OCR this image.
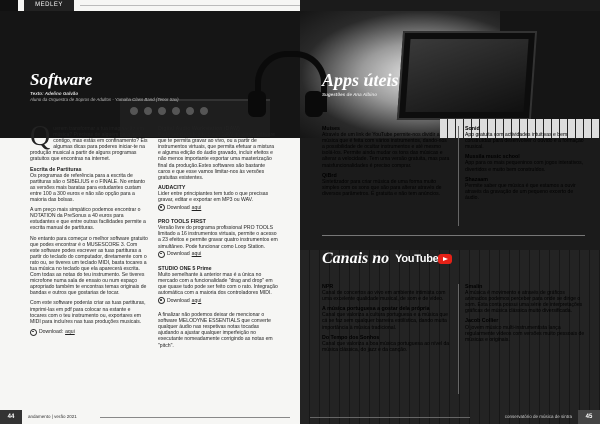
MEDLEY
Software
Texto: Adelino Galvão
Aluno da Orquestra de Sopros de Adultos - Yamaha Class Band (Tenor Sax)

Querem transformar a tua imaginação em música? Precisas de alguém para tocar contigo, mas estás em confinamento? Eis algumas dicas para poderes iniciar-te na produção musical a partir de alguns programas gratuitos que encontras na internet.

Escrita de Partituras

Os programas de referência para a escrita de partituras são o SIBELIUS e o FINALE. No entanto as versões mais baratas para estudantes custam entre 100 a 300 euros e não são opção para a maioria das bolsas.

A um preço mais simpático podemos encontrar o NOTATION da PreSonus a 40 euros para estudantes e que entre outras facilidades permite a escrita manual de partituras.

No entanto para começar o melhor software gratuito que podes encontrar é o MUSESCORE 3. Com este software podes escrever as tuas partituras a partir do teclado do computador, diretamente com o rato ou, se tiveres um teclado MIDI, basta tocares a tua música no teclado que ela aparecerá escrita. Com todas as notas do teu instrumento. Se tiveres microfone numa sala de ensaio ou num espaço apropriado também te encontras temas originais de bandas e outros que gostarias de tocar.

Com este software poderás criar as tuas partituras, imprimi-las em pdf para colocar na estante e tocares com o teu instrumento ou, exportares em MIDI para incluíres nas tuas produções musicais.

Download: aqui
Digital Audio Workstation (DAW)

Pode ser classificado como DAW qualquer software que te permita gravar ao vivo, ou a partir de instrumentos virtuais, que permita efetuar a mistura e alguma edição do áudio gravado, incluir efeitos e não menos importante exportar uma masterização final da produção.Estes softwares são bastante caros e que esse vamos limitar-nos às versões gratuitas existentes.

AUDACITY

Lider entre principiantes tem tudo o que precisas gravar, editar e exportar em MP3 ou WAV.

Download aqui
PRO TOOLS FIRST

Versão livre do programa profissional PRO TOOLS limitado a 16 instrumentos virtuais, permite o acesso a 23 efeitos e permite gravar quatro instrumentos em simultâneo. Pode funcionar como Loop Station.

Download aqui
STUDIO ONE 5 Prime

Muito semelhante à anterior mas é a única no mercado com a funcionalidade "drag and drop" em que quase tudo pode ser feito com o rato. Integração automática com a maioria dos controladores MIDI.

Download aqui

A finalizar não podemos deixar de mencionar o software MELODYNE ESSENTIALS que converte qualquer áudio nas respetivas notas tocadas ajudando a ajustar qualquer imperfeição no executante nomeadamente corrigindo as notas em "pitch".

Apps úteis
Sugestões de Ana Albino
Muises

Através de um link de YouTube permite-nos dividir a música que é feita com vários instrumentos, dando-nos a possibilidade de ocultar instrumentos e até mesmo isolá-los. Permite ainda mudar os tons das músicas e alterar a velocidade. Tem uma versão gratuita, mas para maisfuncionalidades é preciso comprar.

QiBrd

Sintetizador para criar música de uma forma muito simples com os sons que são para alterar através de diversos parâmetros. É gratuita e não tem anúncios.

Sonid

App gratuita com actividades intuitivas e bem construídas para desenvolver o ouvido e a formação musical.

Mussila music school

App para os mais pequeninos com jogos interativos, divertidos e muito bem construídos.

Shazaam

Permite saber que música é que estamos a ouvir através da gravação de um pequeno excerto de áudio.

Canais no YouTube
NPR

Canal de concertos ao vivo em ambiente intimista com uma excelente qualidade musical, de som e de vídeo.

A música portuguesa a gostar dela própria

Canal que valoriza a cultura portuguesa e a música que cá se faz sem qualquer barreira estilística, dando muita importância à música tradicional.

Do Tempo dos Sonhos

Canal que valoriza a boa música portuguesa ao nível da música clássica, do jazz e da canção.

Smalin

A música é movimento e através de gráficos animados podemos perceber para onde se dirige o som. Esta conta possui uma série de interpretações gráficas de música clássica muito diversificada.

Jacob Collier

O jovem músico multi-instrumentista lança regularmente vídeos com versões muito pessoais de músicas e originais.

44	andamento | verão 2021	conservatório de música de sintra	45
